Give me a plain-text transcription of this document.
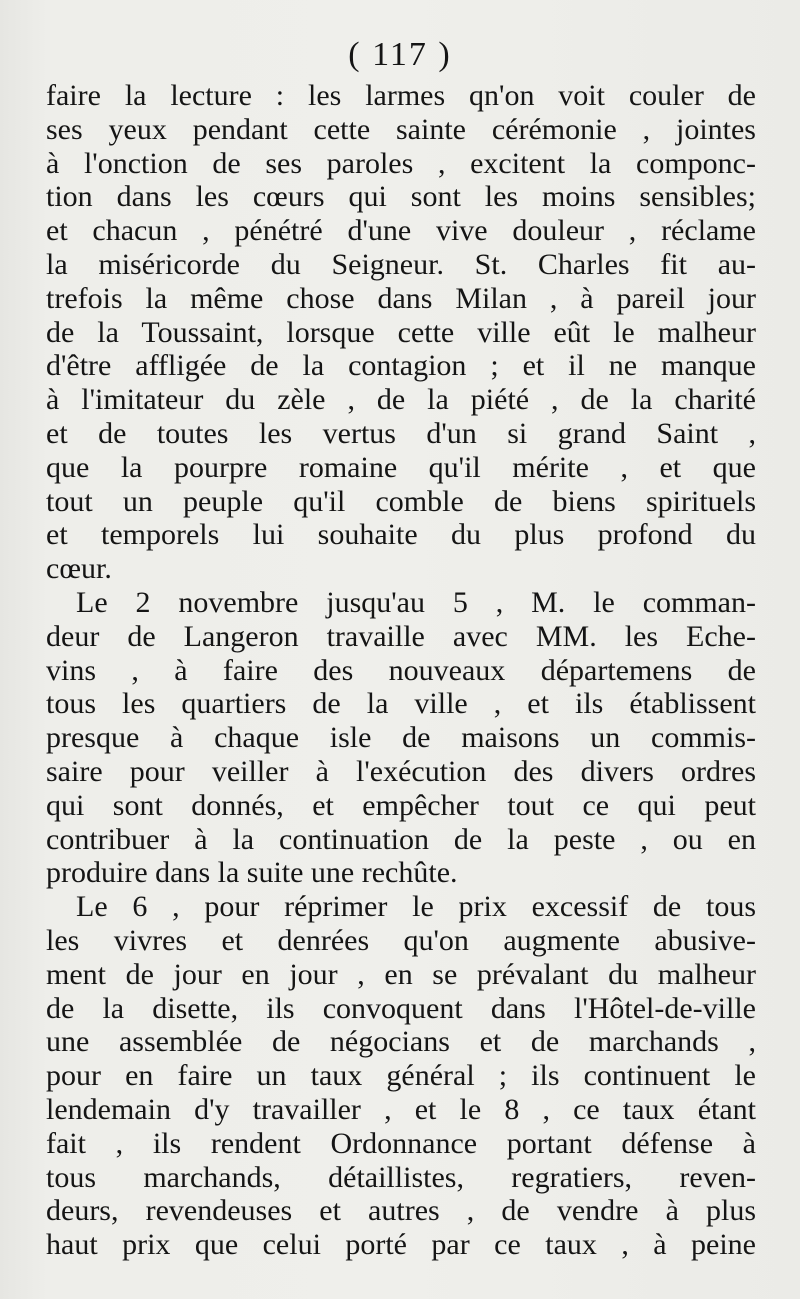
( 117 )
faire la lecture : les larmes qn'on voit couler de
ses yeux pendant cette sainte cérémonie , jointes
à l'onction de ses paroles , excitent la componc-
tion dans les cœurs qui sont les moins sensibles;
et chacun , pénétré d'une vive douleur , réclame
la miséricorde du Seigneur. St. Charles fit au-
trefois la même chose dans Milan , à pareil jour
de la Toussaint, lorsque cette ville eût le malheur
d'être affligée de la contagion ; et il ne manque
à l'imitateur du zèle , de la piété , de la charité
et de toutes les vertus d'un si grand Saint ,
que la pourpre romaine qu'il mérite , et que
tout un peuple qu'il comble de biens spirituels
et temporels lui souhaite du plus profond du
cœur.
Le 2 novembre jusqu'au 5 , M. le comman-
deur de Langeron travaille avec MM. les Eche-
vins , à faire des nouveaux départemens de
tous les quartiers de la ville , et ils établissent
presque à chaque isle de maisons un commis-
saire pour veiller à l'exécution des divers ordres
qui sont donnés, et empêcher tout ce qui peut
contribuer à la continuation de la peste , ou en
produire dans la suite une rechûte.
Le 6 , pour réprimer le prix excessif de tous
les vivres et denrées qu'on augmente abusive-
ment de jour en jour , en se prévalant du malheur
de la disette, ils convoquent dans l'Hôtel-de-ville
une assemblée de négocians et de marchands ,
pour en faire un taux général ; ils continuent le
lendemain d'y travailler , et le 8 , ce taux étant
fait , ils rendent Ordonnance portant défense à
tous marchands, détaillistes, regratiers, reven-
deurs, revendeuses et autres , de vendre à plus
haut prix que celui porté par ce taux , à peine
